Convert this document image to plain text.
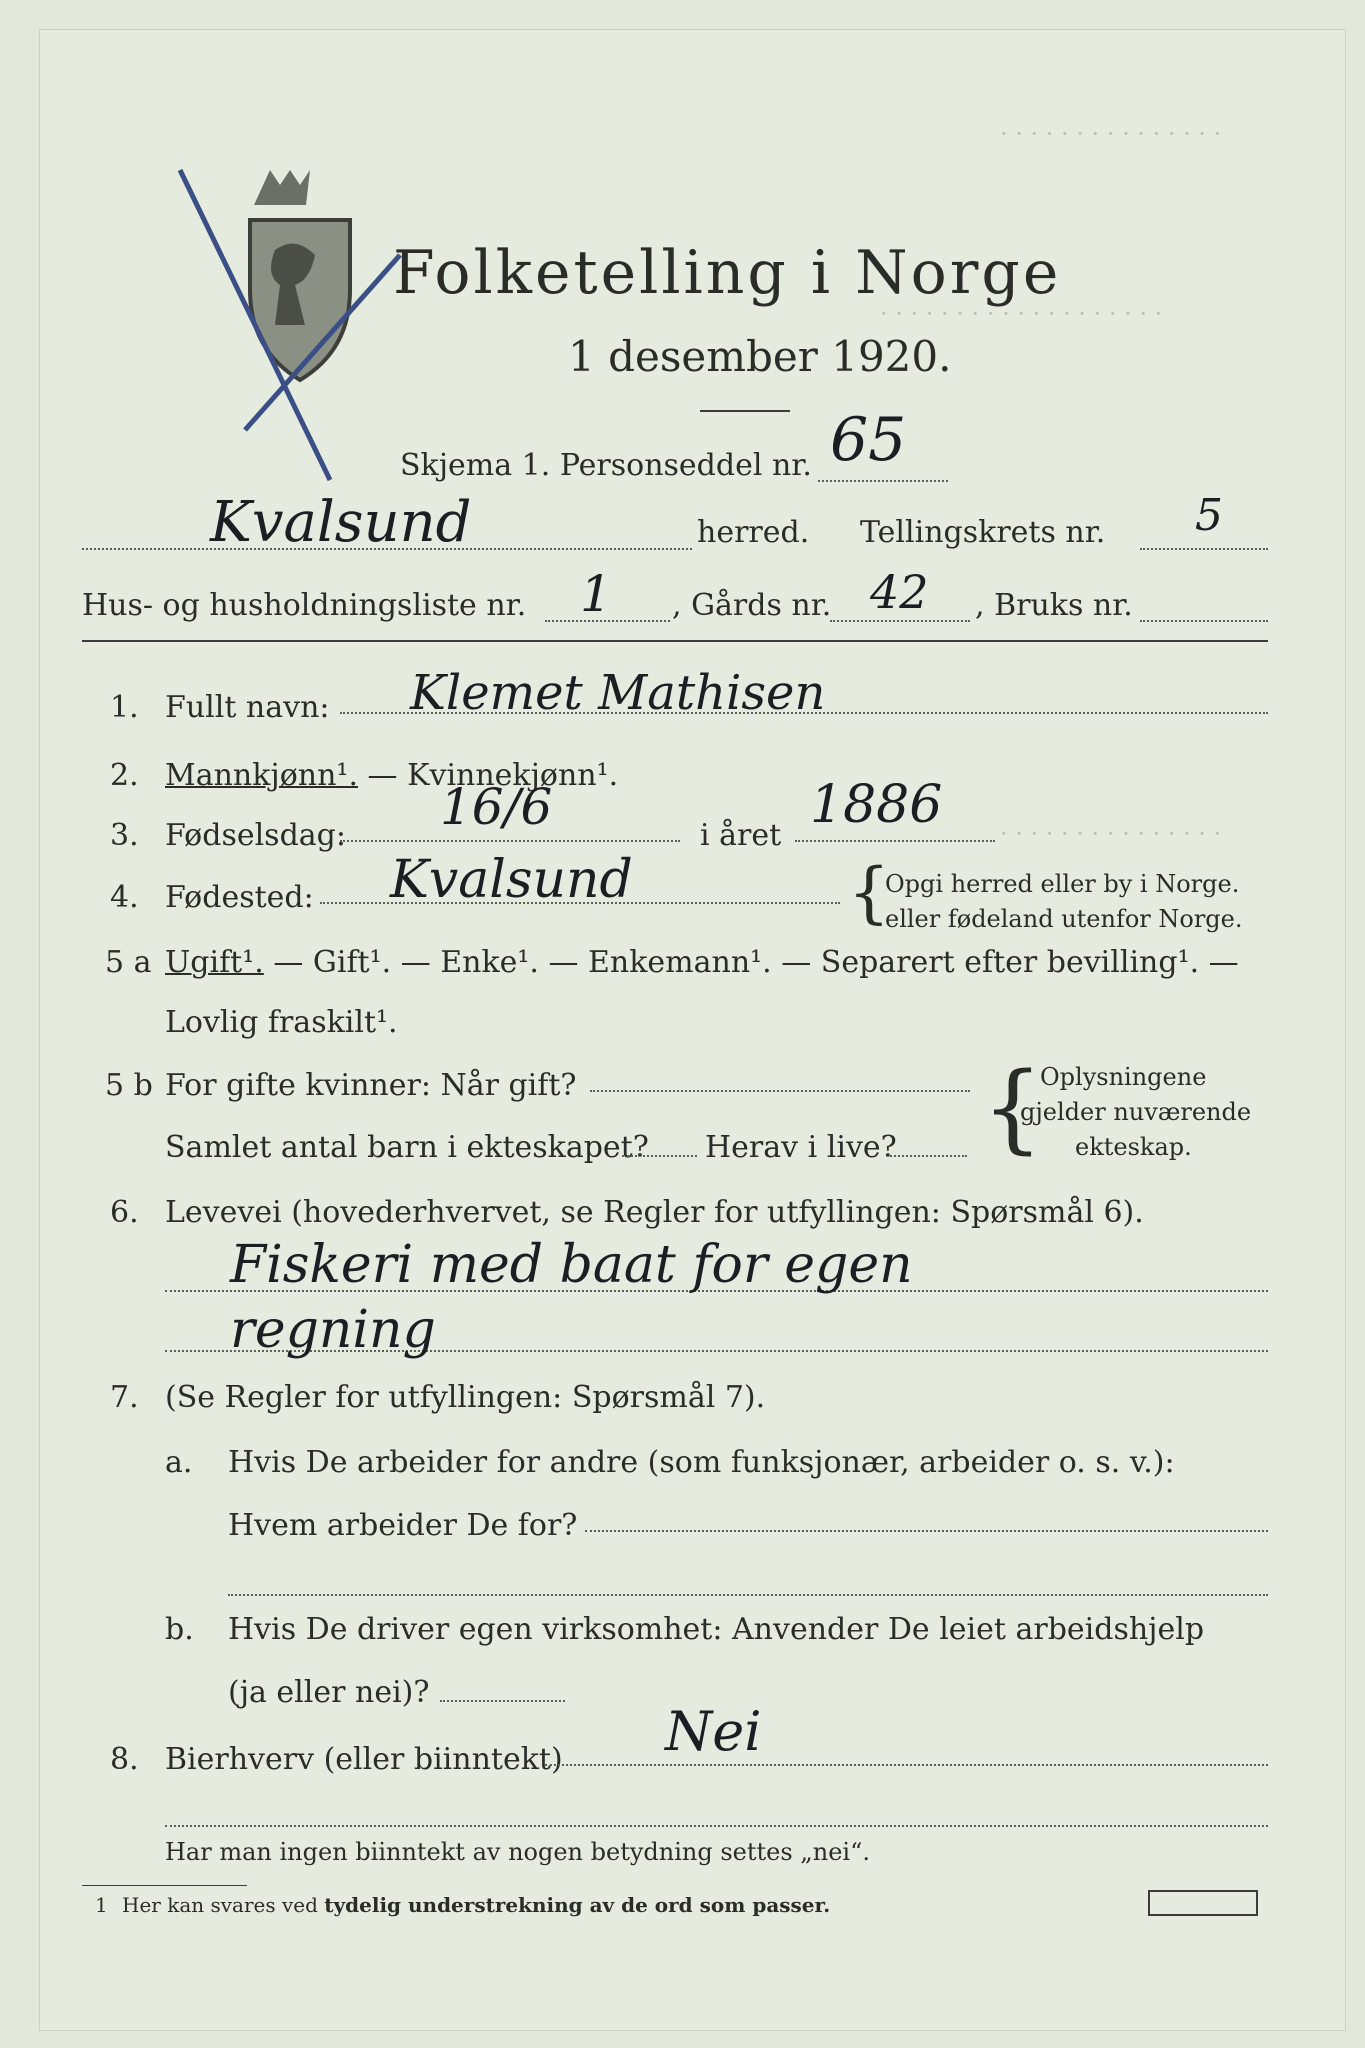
· · · · · · · · · · · · · · ·
· · · · · · · · · · · · · · · · · · ·
· · · · · · · · · · · · · · ·
Folketelling i Norge
1 desember 1920.
Skjema 1. Personseddel nr. 65
Kvalsund	herred. Tellingskrets nr. 5
Hus- og husholdningsliste nr. 1 , Gårds nr. 42 , Bruks nr.
1. Fullt navn: Klemet Mathisen
2. Mannkjønn¹. — Kvinnekjønn¹.
3. Fødselsdag: 16/6	i året
1886
4. Fødested: Kvalsund	{
Opgi herred eller by i Norge.
eller fødeland utenfor Norge.
5 a Ugift¹. — Gift¹. — Enke¹. — Enkemann¹. — Separert efter bevilling¹. —
Lovlig fraskilt¹.
5 b For gifte kvinner: Når gift?
Samlet antal barn i ekteskapet? Herav i live? {
Oplysningene
gjelder nuværende
ekteskap.
6. Levevei (hovederhvervet, se Regler for utfyllingen: Spørsmål 6).
Fiskeri med baat for egen
regning
7. (Se Regler for utfyllingen: Spørsmål 7).
a. Hvis De arbeider for andre (som funksjonær, arbeider o. s. v.):
Hvem arbeider De for?
b. Hvis De driver egen virksomhet: Anvender De leiet arbeidshjelp
(ja eller nei)?
8. Bierhverv (eller biinntekt) Nei
Har man ingen biinntekt av nogen betydning settes „nei“.
1 Her kan svares ved tydelig understrekning av de ord som passer.
